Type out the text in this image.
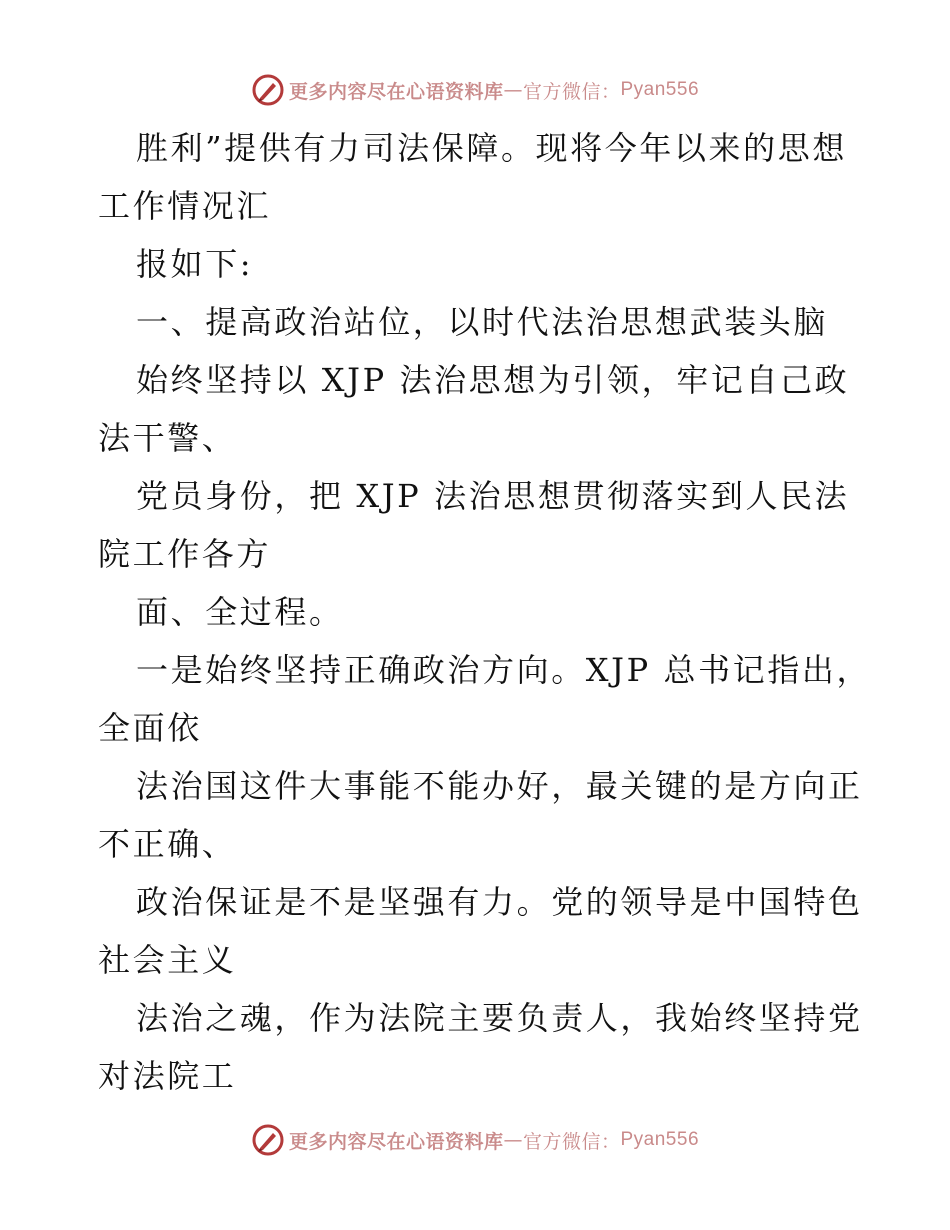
更多内容尽在心语资料库 — 官方微信： Pyan556
胜利”提供有力司法保障。现将今年以来的思想
工作情况汇
报如下:
一、提高政治站位，以时代法治思想武装头脑
始终坚持以 XJP 法治思想为引领，牢记自己政
法干警、
党员身份，把 XJP 法治思想贯彻落实到人民法
院工作各方
面、全过程。
一是始终坚持正确政治方向。XJP 总书记指出，
全面依
法治国这件大事能不能办好，最关键的是方向正
不正确、
政治保证是不是坚强有力。党的领导是中国特色
社会主义
法治之魂，作为法院主要负责人，我始终坚持党
对法院工
更多内容尽在心语资料库 — 官方微信： Pyan556
